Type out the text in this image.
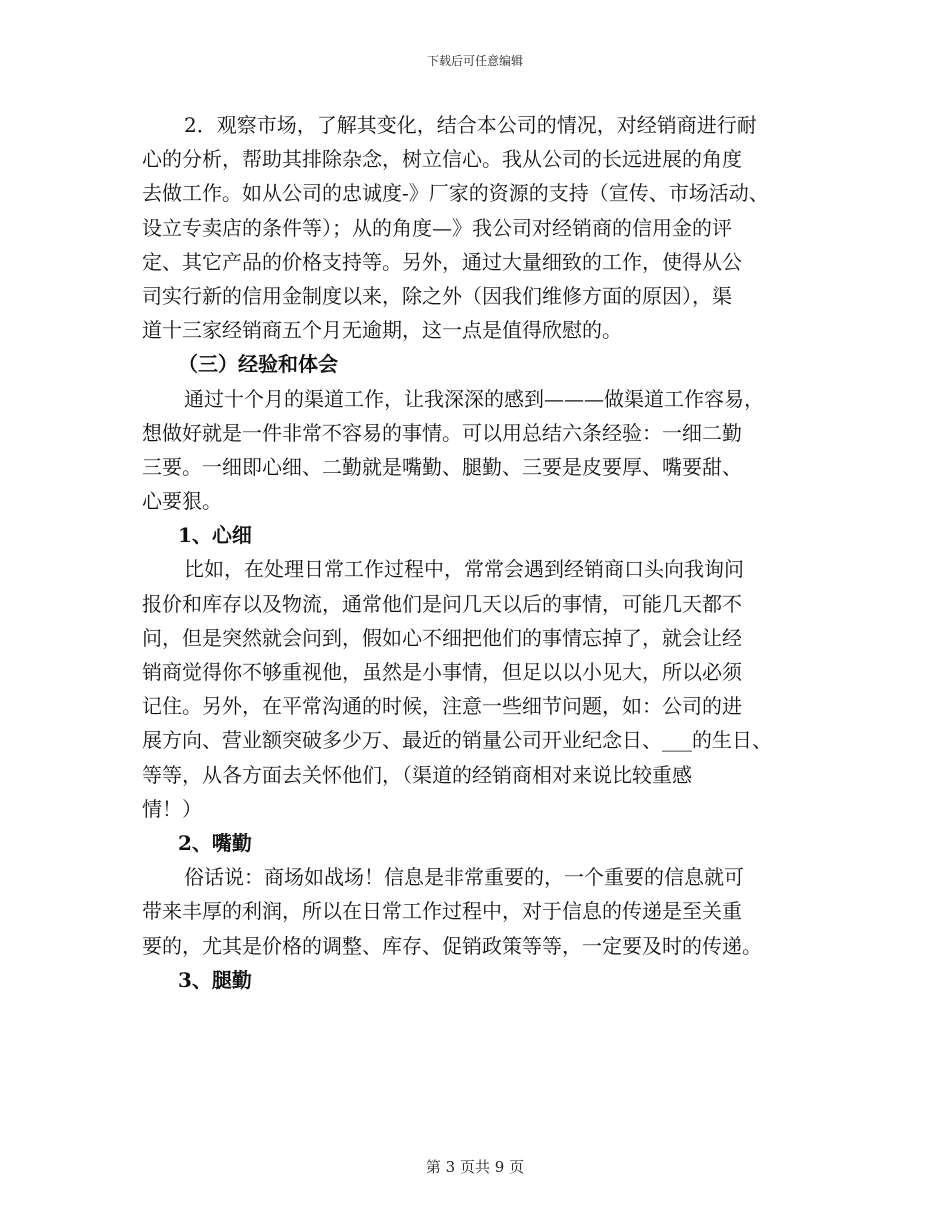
下载后可任意编辑
2．观察市场，了解其变化，结合本公司的情况，对经销商进行耐
心的分析，帮助其排除杂念，树立信心。我从公司的长远进展的角度
去做工作。如从公司的忠诚度-》厂家的资源的支持（宣传、市场活动、
设立专卖店的条件等）；从的角度—》我公司对经销商的信用金的评
定、其它产品的价格支持等。另外，通过大量细致的工作，使得从公
司实行新的信用金制度以来，除之外（因我们维修方面的原因），渠
道十三家经销商五个月无逾期，这一点是值得欣慰的。
（三）经验和体会
通过十个月的渠道工作，让我深深的感到———做渠道工作容易，
想做好就是一件非常不容易的事情。可以用总结六条经验：一细二勤
三要。一细即心细、二勤就是嘴勤、腿勤、三要是皮要厚、嘴要甜、
心要狠。
1、心细
比如，在处理日常工作过程中，常常会遇到经销商口头向我询问
报价和库存以及物流，通常他们是问几天以后的事情，可能几天都不
问，但是突然就会问到，假如心不细把他们的事情忘掉了，就会让经
销商觉得你不够重视他，虽然是小事情，但足以以小见大，所以必须
记住。另外，在平常沟通的时候，注意一些细节问题，如：公司的进
展方向、营业额突破多少万、最近的销量公司开业纪念日、___的生日、
等等，从各方面去关怀他们，（渠道的经销商相对来说比较重感
情！）
2、嘴勤
俗话说：商场如战场！信息是非常重要的，一个重要的信息就可
带来丰厚的利润，所以在日常工作过程中，对于信息的传递是至关重
要的，尤其是价格的调整、库存、促销政策等等，一定要及时的传递。
3、腿勤
第 3 页共 9 页
